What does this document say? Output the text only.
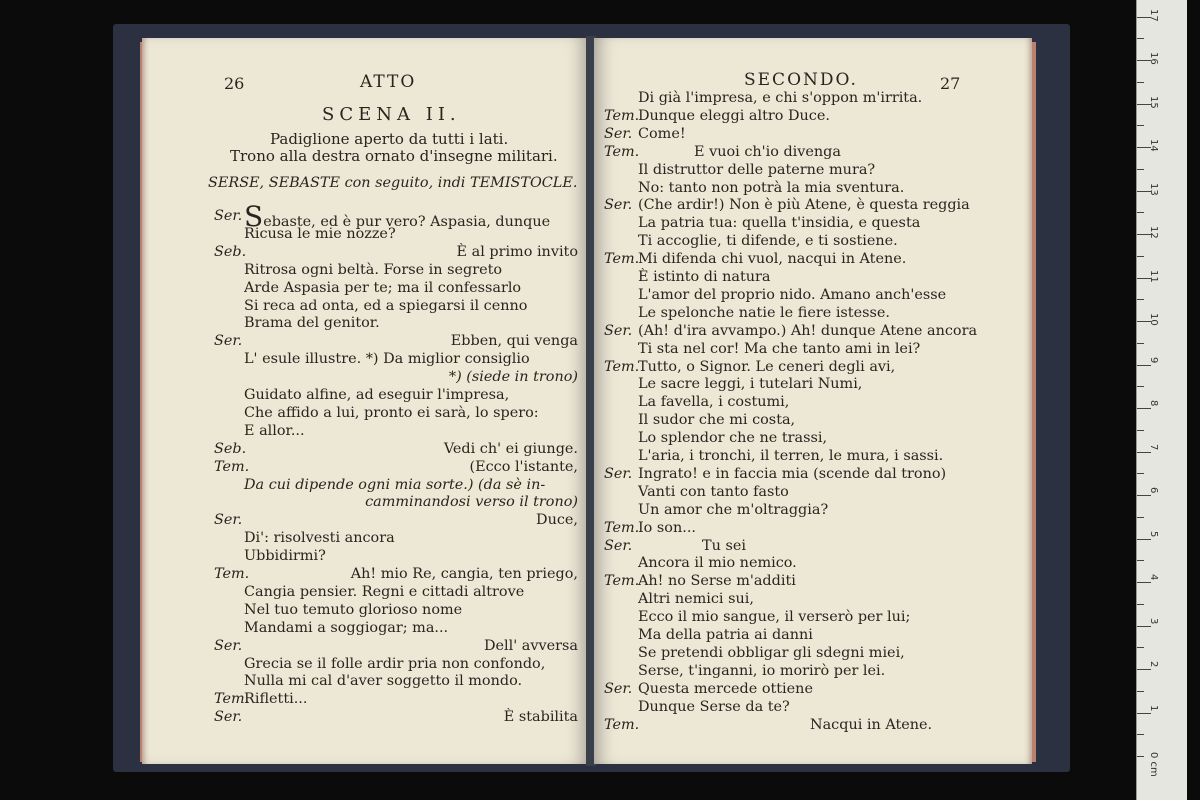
26	ATTO
SCENA II.
Padiglione aperto da tutti i lati.
Trono alla destra ornato d'insegne militari.
SERSE, SEBASTE con seguito, indi TEMISTOCLE.
Ser. Sebaste, ed è pur vero? Aspasia, dunque
Ricusa le mie nozze?
Seb.	È al primo invito
Ritrosa ogni beltà. Forse in segreto
Arde Aspasia per te; ma il confessarlo
Si reca ad onta, ed a spiegarsi il cenno
Brama del genitor.
Ser.	Ebben, qui venga
L' esule illustre. *) Da miglior consiglio
*) (siede in trono)
Guidato alfine, ad eseguir l'impresa,
Che affido a lui, pronto ei sarà, lo spero:
E allor...
Seb.	Vedi ch' ei giunge.
Tem.	(Ecco l'istante,
Da cui dipende ogni mia sorte.) (da sè in-
camminandosi verso il trono)
Ser.	Duce,
Di': risolvesti ancora
Ubbidirmi?
Tem.	Ah! mio Re, cangia, ten priego,
Cangia pensier. Regni e cittadi altrove
Nel tuo temuto glorioso nome
Mandami a soggiogar; ma...
Ser.	Dell' avversa
Grecia se il folle ardir pria non confondo,
Nulla mi cal d'aver soggetto il mondo.
Tem.
Rifletti...
Ser.	È stabilita
SECONDO.	27
Di già l'impresa, e chi s'oppon m'irrita.
Tem.
Dunque eleggi altro Duce.
Ser. Come!
Tem.	E vuoi ch'io divenga
Il distruttor delle paterne mura?
No: tanto non potrà la mia sventura.
Ser. (Che ardir!) Non è più Atene, è questa reggia
La patria tua: quella t'insidia, e questa
Ti accoglie, ti difende, e ti sostiene.
Tem.
Mi difenda chi vuol, nacqui in Atene.
È istinto di natura
L'amor del proprio nido. Amano anch'esse
Le spelonche natie le fiere istesse.
Ser. (Ah! d'ira avvampo.) Ah! dunque Atene ancora
Ti sta nel cor! Ma che tanto ami in lei?
Tem.
Tutto, o Signor. Le ceneri degli avi,
Le sacre leggi, i tutelari Numi,
La favella, i costumi,
Il sudor che mi costa,
Lo splendor che ne trassi,
L'aria, i tronchi, il terren, le mura, i sassi.
Ser. Ingrato! e in faccia mia (scende dal trono)
Vanti con tanto fasto
Un amor che m'oltraggia?
Tem.
Io son...
Ser.	Tu sei
Ancora il mio nemico.
Tem.
Ah! no Serse m'additi
Altri nemici sui,
Ecco il mio sangue, il verserò per lui;
Ma della patria ai danni
Se pretendi obbligar gli sdegni miei,
Serse, t'inganni, io morirò per lei.
Ser. Questa mercede ottiene
Dunque Serse da te?
Tem.	Nacqui in Atene.
0 cm
1
2
3
4
5
6
7
8
9
10
11
12
13
14
15
16
17
